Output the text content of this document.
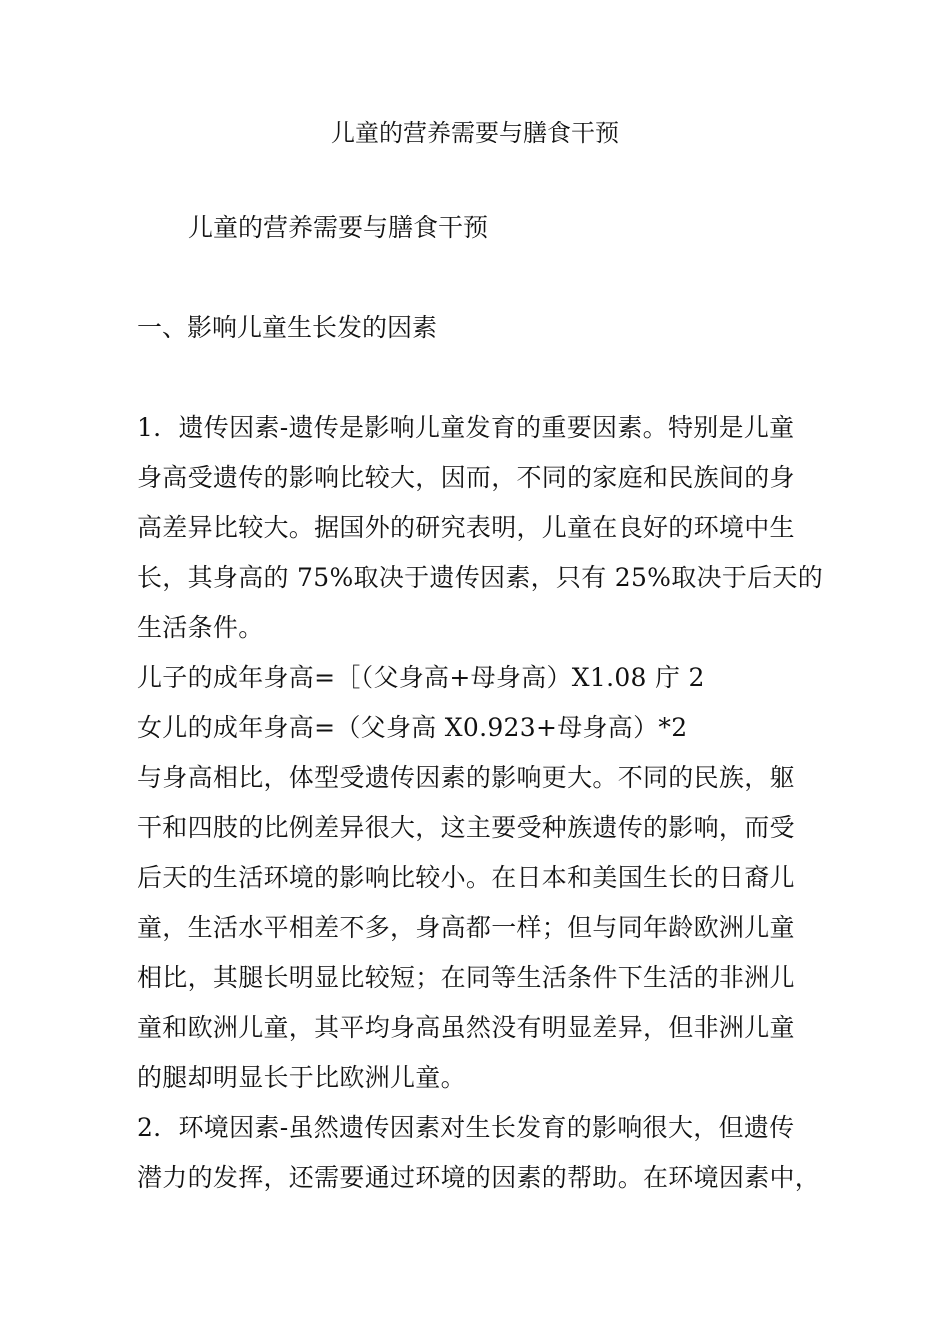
儿童的营养需要与膳食干预
儿童的营养需要与膳食干预
一、影响儿童生长发的因素
1．遗传因素-遗传是影响儿童发育的重要因素。特别是儿童
身高受遗传的影响比较大，因而，不同的家庭和民族间的身
高差异比较大。据国外的研究表明，儿童在良好的环境中生
长，其身高的 75%取决于遗传因素，只有 25%取决于后天的
生活条件。
儿子的成年身高=［（父身高+母身高）X1.08 庁 2
女儿的成年身高=（父身高 X0.923+母身高）*2
与身高相比，体型受遗传因素的影响更大。不同的民族，躯
干和四肢的比例差异很大，这主要受种族遗传的影响，而受
后天的生活环境的影响比较小。在日本和美国生长的日裔儿
童，生活水平相差不多，身高都一样；但与同年龄欧洲儿童
相比，其腿长明显比较短；在同等生活条件下生活的非洲儿
童和欧洲儿童，其平均身高虽然没有明显差异，但非洲儿童
的腿却明显长于比欧洲儿童。
2．环境因素-虽然遗传因素对生长发育的影响很大，但遗传
潜力的发挥，还需要通过环境的因素的帮助。在环境因素中，
